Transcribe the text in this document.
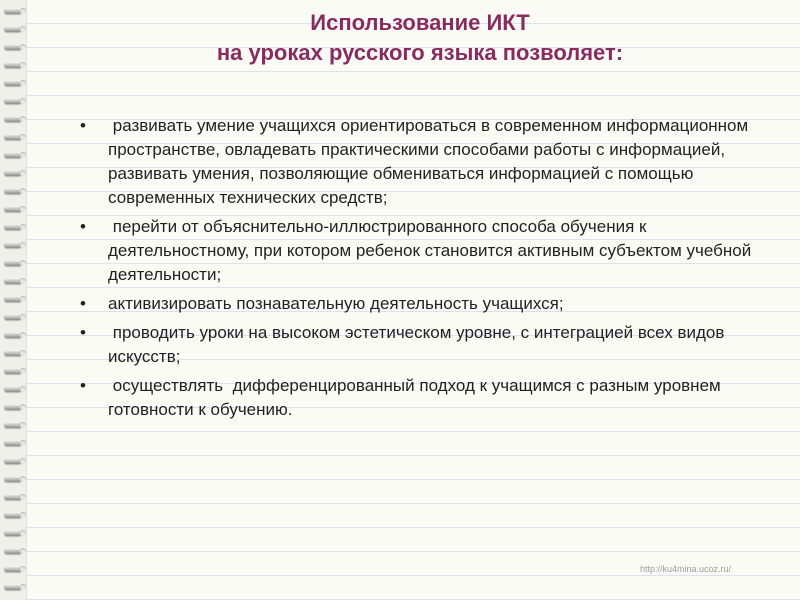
Использование ИКТ
на уроках русского языка позволяет:
• развивать умение учащихся ориентироваться в современном информационном  пространстве, овладевать практическими способами работы с информацией, развивать умения, позволяющие обмениваться информацией с помощью современных технических средств;
• перейти от объяснительно-иллюстрированного способа обучения к деятельностному, при котором ребенок становится активным субъектом учебной деятельности;
• активизировать познавательную деятельность учащихся;
• проводить уроки на высоком эстетическом уровне, с интеграцией всех видов искусств;
• осуществлять  дифференцированный подход к учащимся с разным уровнем готовности к обучению.
http://ku4mina.ucoz.ru/
